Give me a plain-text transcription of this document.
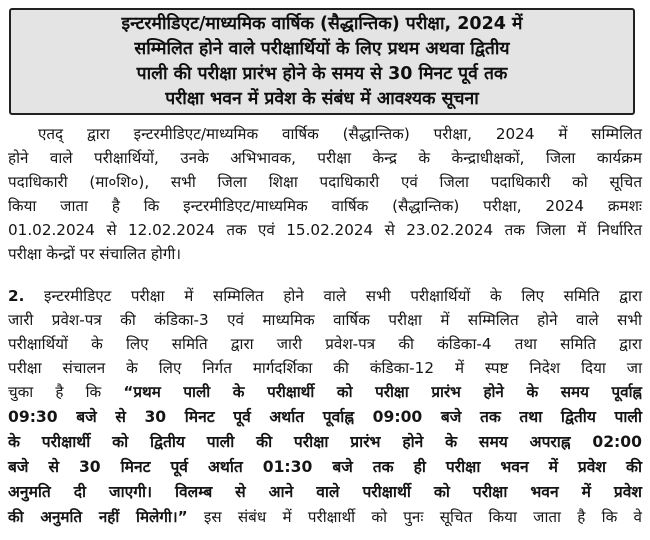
इन्टरमीडिएट/माध्यमिक वार्षिक (सैद्धान्तिक) परीक्षा, 2024 में
सम्मिलित होने वाले परीक्षार्थियों के लिए प्रथम अथवा द्वितीय
पाली की परीक्षा प्रारंभ होने के समय से 30 मिनट पूर्व तक
परीक्षा भवन में प्रवेश के संबंध में आवश्यक सूचना
एतद् द्वारा इन्टरमीडिएट/माध्यमिक वार्षिक (सैद्धान्तिक) परीक्षा, 2024 में सम्मिलित
होने वाले परीक्षार्थियों, उनके अभिभावक, परीक्षा केन्द्र के केन्द्राधीक्षकों, जिला कार्यक्रम
पदाधिकारी (मा०शि०), सभी जिला शिक्षा पदाधिकारी एवं जिला पदाधिकारी को सूचित
किया जाता है कि इन्टरमीडिएट/माध्यमिक वार्षिक (सैद्धान्तिक) परीक्षा, 2024 क्रमशः
01.02.2024 से 12.02.2024 तक एवं 15.02.2024 से 23.02.2024 तक जिला में निर्धारित
परीक्षा केन्द्रों पर संचालित होगी।
2. इन्टरमीडिएट परीक्षा में सम्मिलित होने वाले सभी परीक्षार्थियों के लिए समिति द्वारा
जारी प्रवेश-पत्र की कंडिका-3 एवं माध्यमिक वार्षिक परीक्षा में सम्मिलित होने वाले सभी
परीक्षार्थियों के लिए समिति द्वारा जारी प्रवेश-पत्र की कंडिका-4 तथा समिति द्वारा
परीक्षा संचालन के लिए निर्गत मार्गदर्शिका की कंडिका-12 में स्पष्ट निदेश दिया जा
चुका है कि “प्रथम पाली के परीक्षार्थी को परीक्षा प्रारंभ होने के समय पूर्वाह्न
09:30 बजे से 30 मिनट पूर्व अर्थात पूर्वाह्न 09:00 बजे तक तथा द्वितीय पाली
के परीक्षार्थी को द्वितीय पाली की परीक्षा प्रारंभ होने के समय अपराह्न 02:00
बजे से 30 मिनट पूर्व अर्थात 01:30 बजे तक ही परीक्षा भवन में प्रवेश की
अनुमति दी जाएगी। विलम्ब से आने वाले परीक्षार्थी को परीक्षा भवन में प्रवेश
की अनुमति नहीं मिलेगी।” इस संबंध में परीक्षार्थी को पुनः सूचित किया जाता है कि वे
